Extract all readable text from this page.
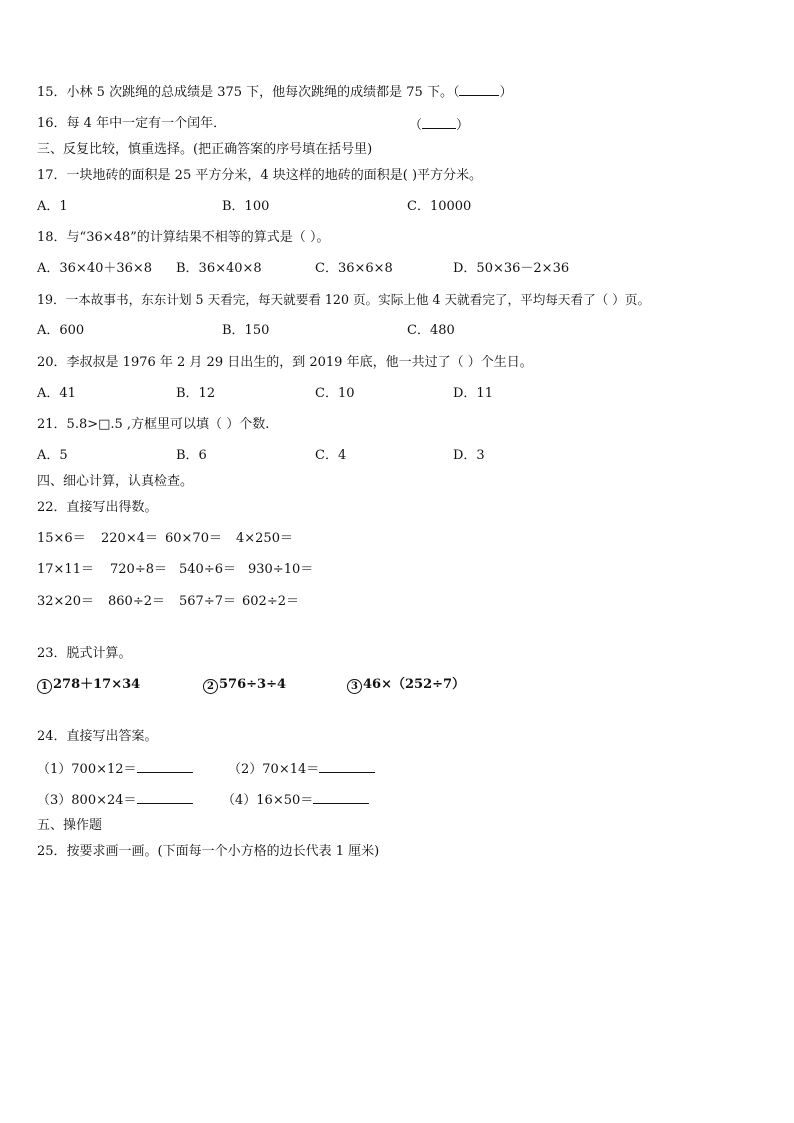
15．小林 5 次跳绳的总成绩是 375 下，他每次跳绳的成绩都是 75 下。（	）
16．每 4 年中一定有一个闰年．	（	）
三、反复比较，慎重选择。(把正确答案的序号填在括号里)
17．一块地砖的面积是 25 平方分米，4 块这样的地砖的面积是( )平方分米。
A．1	B．100	C．10000
18．与“36×48”的计算结果不相等的算式是（ ）。
A．36×40＋36×8 B．36×40×8	C．36×6×8	D．50×36－2×36
19．一本故事书，东东计划 5 天看完，每天就要看 120 页。实际上他 4 天就看完了，平均每天看了（ ）页。
A．600	B．150	C．480
20．李叔叔是 1976 年 2 月 29 日出生的，到 2019 年底，他一共过了（ ）个生日。
A．41	B．12	C．10	D．11
21．5.8>□.5 ,方框里可以填（ ）个数.
A．5	B．6	C．4	D．3
四、细心计算，认真检查。
22．直接写出得数。
15×6＝ 220×4＝ 60×70＝ 4×250＝
17×11＝ 720÷8＝ 540÷6＝ 930÷10＝
32×20＝ 860÷2＝ 567÷7＝ 602÷2＝
23．脱式计算。
1 278＋17×34	2 576÷3÷4	3 46×（252÷7）
24．直接写出答案。
（1）700×12＝	（2）70×14＝
（3）800×24＝	（4）16×50＝
五、操作题
25．按要求画一画。(下面每一个小方格的边长代表 1 厘米)
